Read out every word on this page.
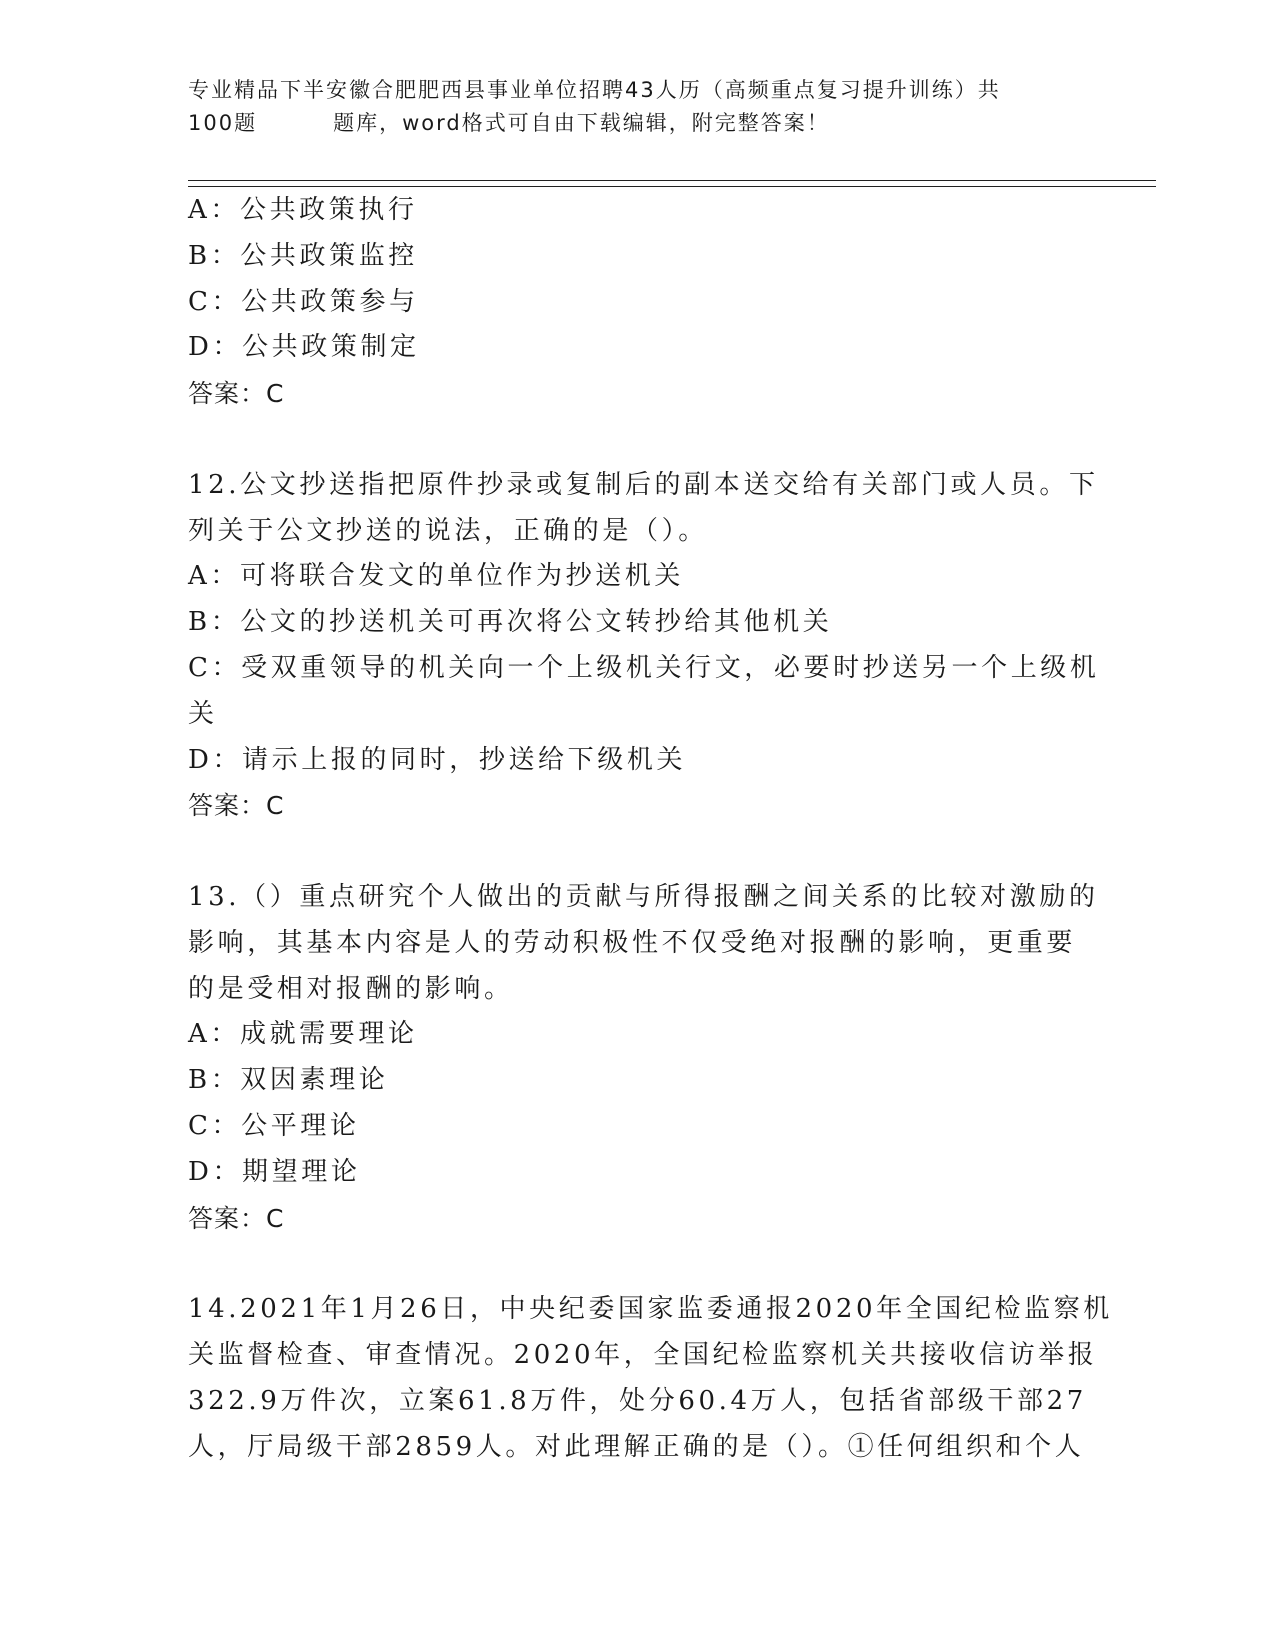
专业精品下半安徽合肥肥西县事业单位招聘43人历（高频重点复习提升训练）共
100题	题库，word格式可自由下载编辑，附完整答案！
A：公共政策执行
B：公共政策监控
C：公共政策参与
D：公共政策制定
答案：C
12.公文抄送指把原件抄录或复制后的副本送交给有关部门或人员。下
列关于公文抄送的说法，正确的是（）。
A：可将联合发文的单位作为抄送机关
B：公文的抄送机关可再次将公文转抄给其他机关
C：受双重领导的机关向一个上级机关行文，必要时抄送另一个上级机
关
D：请示上报的同时，抄送给下级机关
答案：C
13.（）重点研究个人做出的贡献与所得报酬之间关系的比较对激励的
影响，其基本内容是人的劳动积极性不仅受绝对报酬的影响，更重要
的是受相对报酬的影响。
A：成就需要理论
B：双因素理论
C：公平理论
D：期望理论
答案：C
14.2021年1月26日，中央纪委国家监委通报2020年全国纪检监察机
关监督检查、审查情况。2020年，全国纪检监察机关共接收信访举报
322.9万件次，立案61.8万件，处分60.4万人，包括省部级干部27
人，厅局级干部2859人。对此理解正确的是（）。①任何组织和个人
